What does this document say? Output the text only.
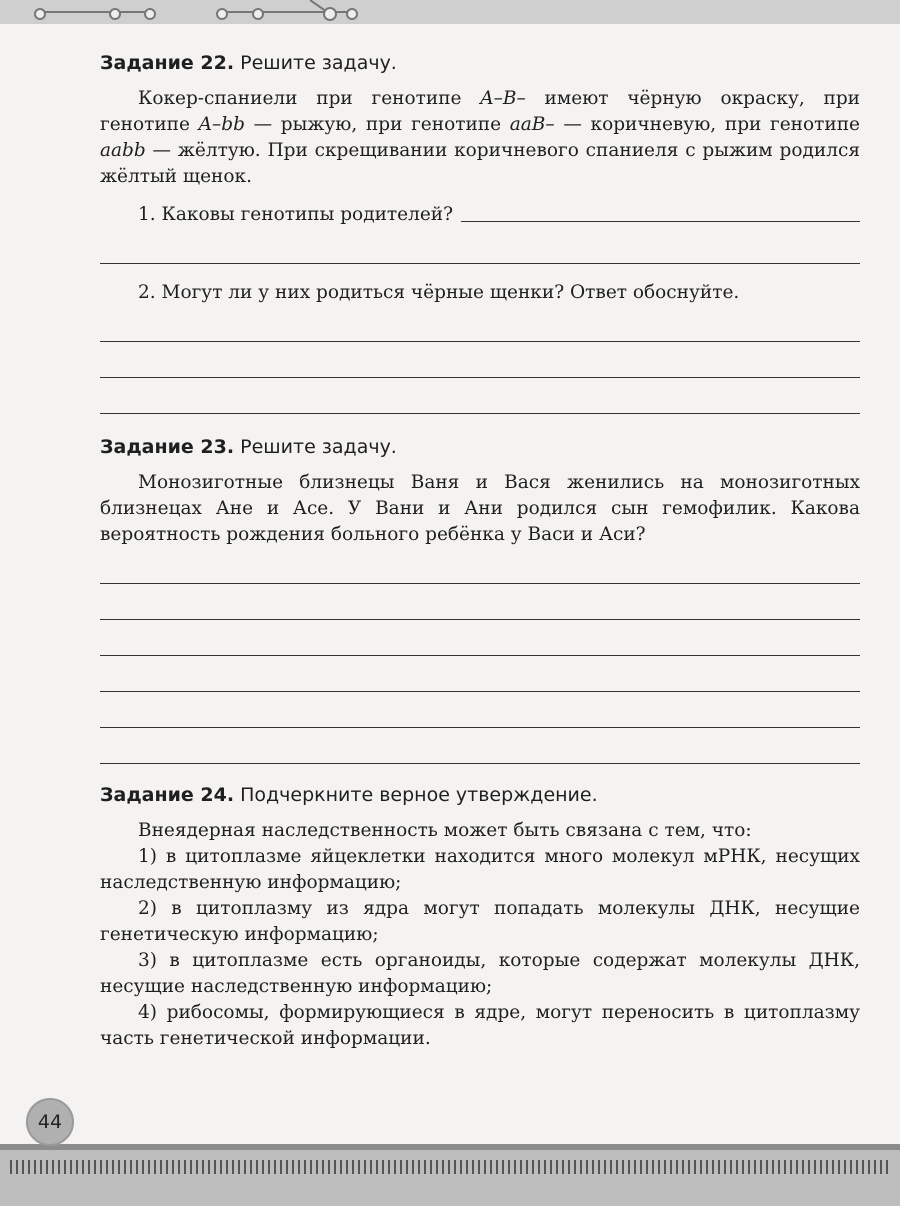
Задание 22. Решите задачу.

Кокер-спаниели при генотипе A–B– имеют чёрную окраску, при генотипе A–bb — рыжую, при генотипе aaB– — коричневую, при генотипе aabb — жёлтую. При скрещивании коричневого спаниеля с рыжим родился жёлтый щенок.

1. Каковы генотипы родителей?
2. Могут ли у них родиться чёрные щенки? Ответ обоснуйте.
Задание 23. Решите задачу.

Монозиготные близнецы Ваня и Вася женились на монозиготных близнецах Ане и Асе. У Вани и Ани родился сын гемофилик. Какова вероятность рождения больного ребёнка у Васи и Аси?

Задание 24. Подчеркните верное утверждение.

Внеядерная наследственность может быть связана с тем, что:

1) в цитоплазме яйцеклетки находится много молекул мРНК, несущих наследственную информацию;

2) в цитоплазму из ядра могут попадать молекулы ДНК, несущие генетическую информацию;

3) в цитоплазме есть органоиды, которые содержат молекулы ДНК, несущие наследственную информацию;

4) рибосомы, формирующиеся в ядре, могут переносить в цитоплазму часть генетической информации.

44
